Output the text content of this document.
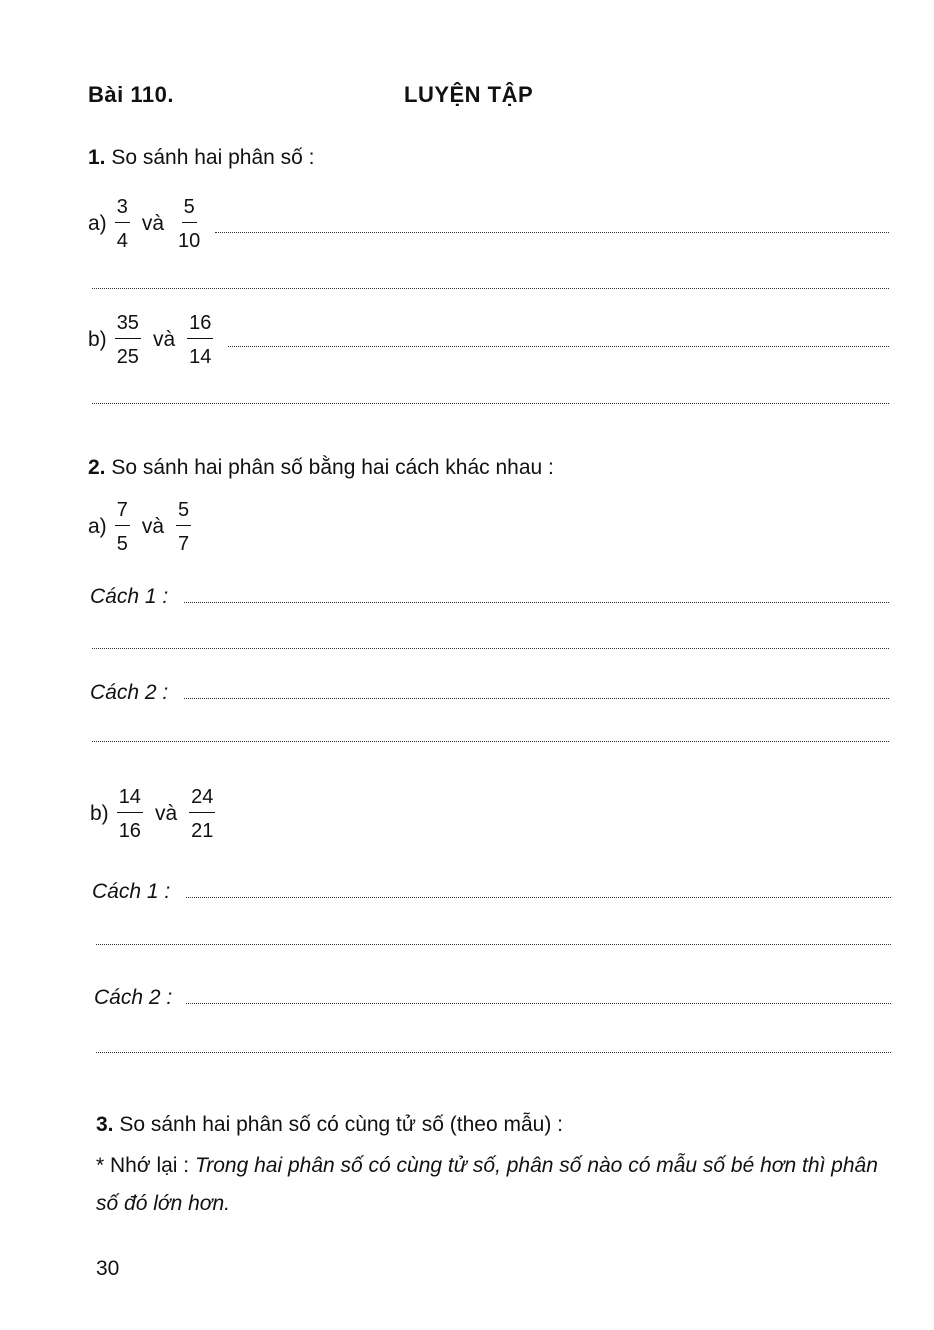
Bài 110.	LUYỆN TẬP
1. So sánh hai phân số :
$a) \frac{3}{4}$ và $\frac{5}{10}$
$b) \frac{35}{25}$ và $\frac{16}{14}$
2. So sánh hai phân số bằng hai cách khác nhau :
$a) \frac{7}{5}$ và $\frac{5}{7}$
Cách 1 :
Cách 2 :
$b) \frac{14}{16}$ và $\frac{24}{21}$
Cách 1 :
Cách 2 :
3. So sánh hai phân số có cùng tử số (theo mẫu) :
* Nhớ lại : Trong hai phân số có cùng tử số, phân số nào có mẫu số bé hơn thì phân
số đó lớn hơn.
30
